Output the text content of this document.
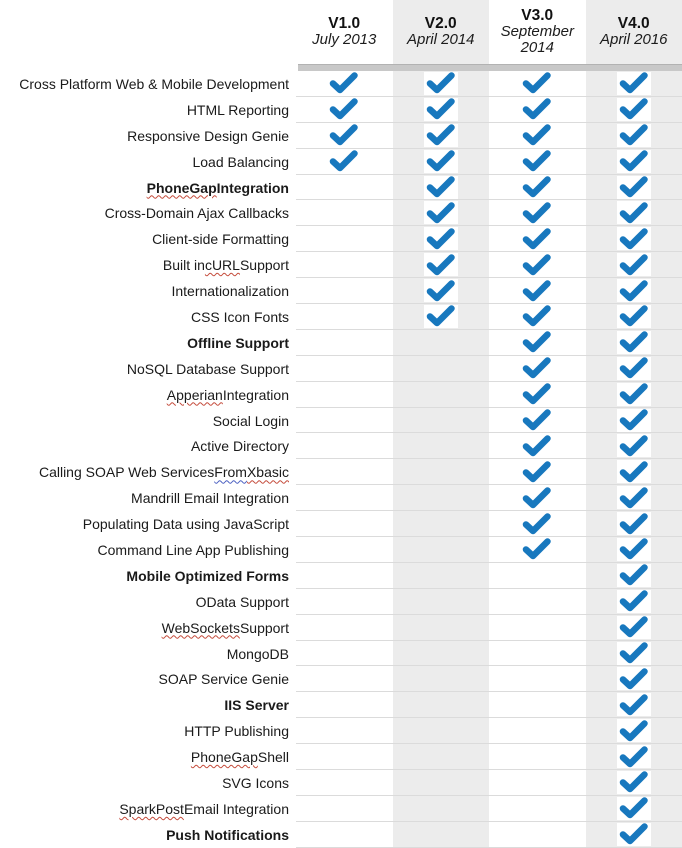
V1.0
July 2013
V2.0
April 2014
V3.0
September 2014
V4.0
April 2016
Cross Platform Web & Mobile Development
HTML Reporting
Responsive Design Genie
Load Balancing
PhoneGap Integration
Cross-Domain Ajax Callbacks
Client-side Formatting
Built in cURL Support
Internationalization
CSS Icon Fonts
Offline Support
NoSQL Database Support
Apperian Integration
Social Login
Active Directory
Calling SOAP Web Services From Xbasic
Mandrill Email Integration
Populating Data using JavaScript
Command Line App Publishing
Mobile Optimized Forms
OData Support
WebSockets Support
MongoDB
SOAP Service Genie
IIS Server
HTTP Publishing
PhoneGap Shell
SVG Icons
SparkPost Email Integration
Push Notifications
